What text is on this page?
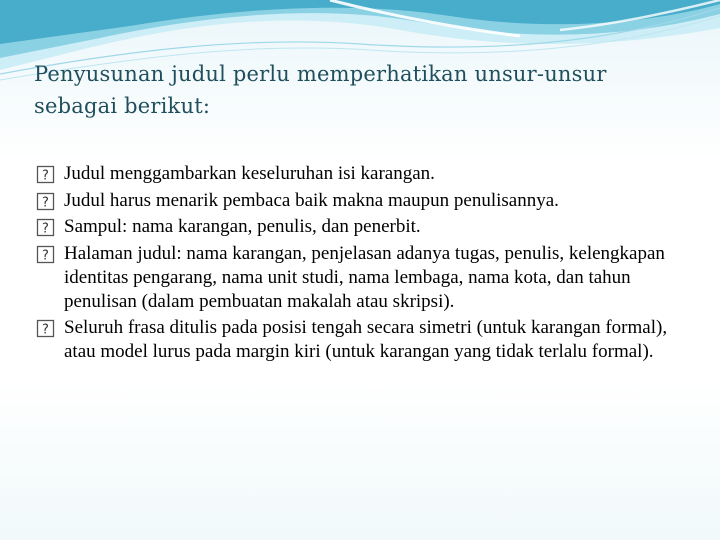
Penyusunan judul perlu memperhatikan unsur-unsur sebagai berikut:
? Judul menggambarkan keseluruhan isi karangan.
? Judul harus menarik pembaca baik makna maupun penulisannya.
? Sampul: nama karangan, penulis, dan penerbit.
? Halaman judul: nama karangan, penjelasan adanya tugas, penulis, kelengkapan identitas pengarang, nama unit studi, nama lembaga, nama kota, dan tahun penulisan (dalam pembuatan makalah atau skripsi).
? Seluruh frasa ditulis pada posisi tengah secara simetri (untuk karangan formal), atau model lurus pada margin kiri (untuk karangan yang tidak terlalu formal).
